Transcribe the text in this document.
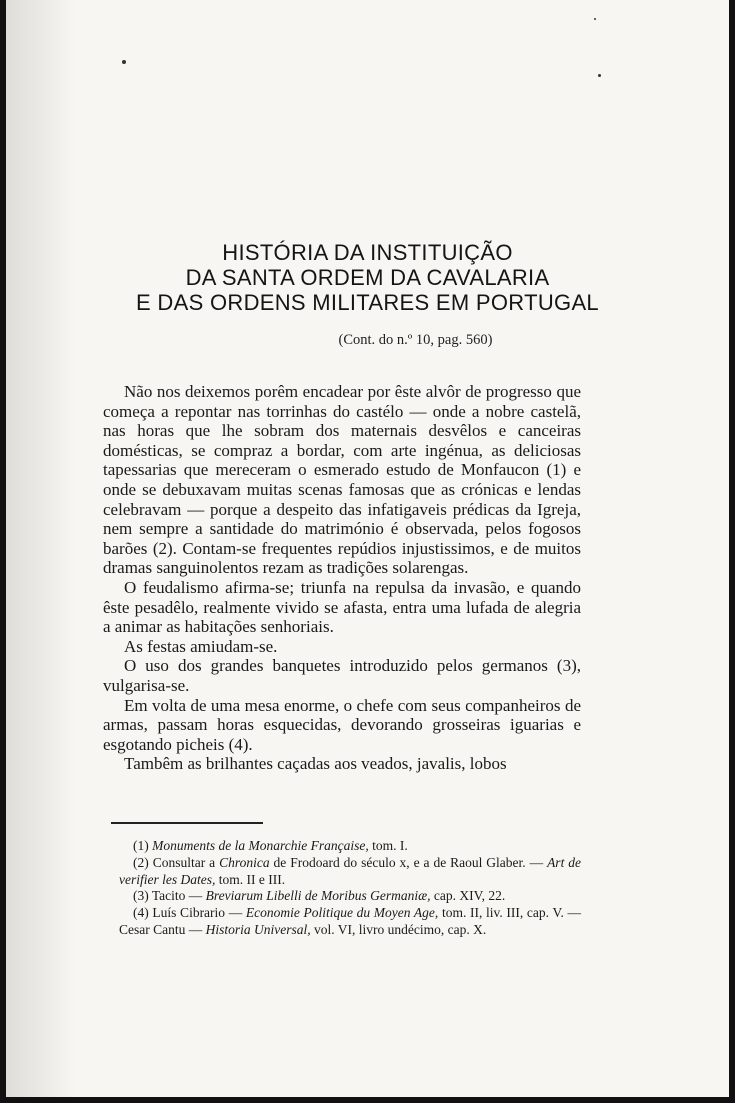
HISTÓRIA DA INSTITUIÇÃO
DA SANTA ORDEM DA CAVALARIA
E DAS ORDENS MILITARES EM PORTUGAL
(Cont. do n.º 10, pag. 560)

Não nos deixemos porêm encadear por êste alvôr de progresso que começa a repontar nas torrinhas do castélo — onde a nobre castelã, nas horas que lhe sobram dos maternais desvêlos e canceiras domésticas, se compraz a bordar, com arte ingénua, as deliciosas tapessarias que mereceram o esmerado estudo de Monfaucon (1) e onde se debuxavam muitas scenas famosas que as crónicas e lendas celebravam — porque a despeito das infatigaveis prédicas da Igreja, nem sempre a santidade do matrimónio é observada, pelos fogosos barões (2). Contam-se frequentes repúdios injustissimos, e de muitos dramas sanguinolentos rezam as tradições solarengas.

O feudalismo afirma-se; triunfa na repulsa da invasão, e quando êste pesadêlo, realmente vivido se afasta, entra uma lufada de alegria a animar as habitações senhoriais.

As festas amiudam-se.

O uso dos grandes banquetes introduzido pelos germanos (3), vulgarisa-se.

Em volta de uma mesa enorme, o chefe com seus companheiros de armas, passam horas esquecidas, devorando grosseiras iguarias e esgotando picheis (4).

Tambêm as brilhantes caçadas aos veados, javalis, lobos

(1) Monuments de la Monarchie Française, tom. I.

(2) Consultar a Chronica de Frodoard do século x, e a de Raoul Glaber. — Art de verifier les Dates, tom. II e III.

(3) Tacito — Breviarum Libelli de Moribus Germaniæ, cap. XIV, 22.

(4) Luís Cibrario — Economie Politique du Moyen Age, tom. II, liv. III, cap. V. — Cesar Cantu — Historia Universal, vol. VI, livro undécimo, cap. X.
